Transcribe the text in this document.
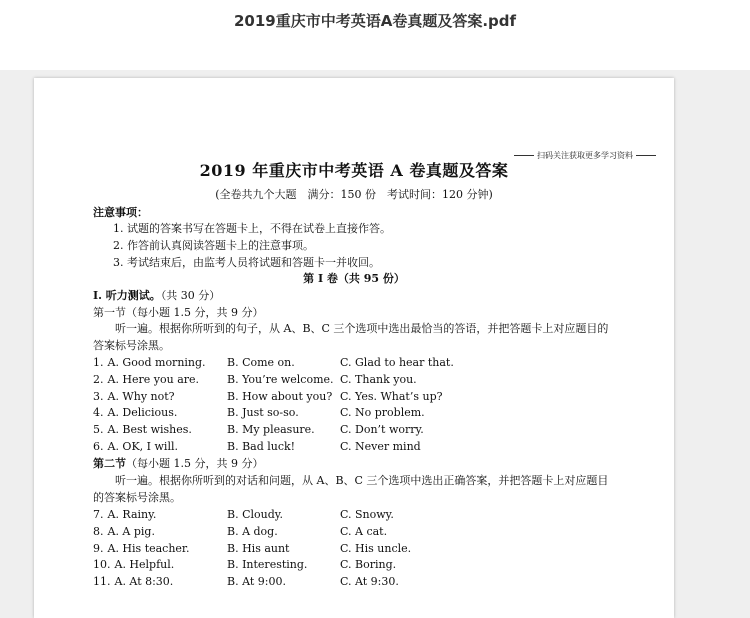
2019重庆市中考英语A卷真题及答案.pdf
扫码关注获取更多学习资料
2019 年重庆市中考英语 A 卷真题及答案
(全卷共九个大题　满分：150 份　考试时间：120 分钟)
注意事项：
1. 试题的答案书写在答题卡上，不得在试卷上直接作答。
2. 作答前认真阅读答题卡上的注意事项。
3. 考试结束后，由监考人员将试题和答题卡一并收回。
第 I 卷（共 95 份）
I. 听力测试。（共 30 分）
第一节（每小题 1.5 分，共 9 分）
听一遍。根据你所听到的句子，从 A、B、C 三个选项中选出最恰当的答语，并把答题卡上对应题目的
答案标号涂黑。
1. A. Good morning. B. Come on.	C. Glad to hear that.
2. A. Here you are.	B. You’re welcome. C. Thank you.
3. A. Why not?	B. How about you? C. Yes. What’s up?
4. A. Delicious.	B. Just so-so.	C. No problem.
5. A. Best wishes.	B. My pleasure. C. Don’t worry.
6. A. OK, I will.	B. Bad luck!	C. Never mind
第二节（每小题 1.5 分，共 9 分）
听一遍。根据你所听到的对话和问题，从 A、B、C 三个选项中选出正确答案，并把答题卡上对应题目
的答案标号涂黑。
7. A. Rainy.	B. Cloudy.	C. Snowy.
8. A. A pig.	B. A dog.	C. A cat.
9. A. His teacher.	B. His aunt	C. His uncle.
10. A. Helpful.	B. Interesting.	C. Boring.
11. A. At 8:30.	B. At 9:00.	C. At 9:30.
